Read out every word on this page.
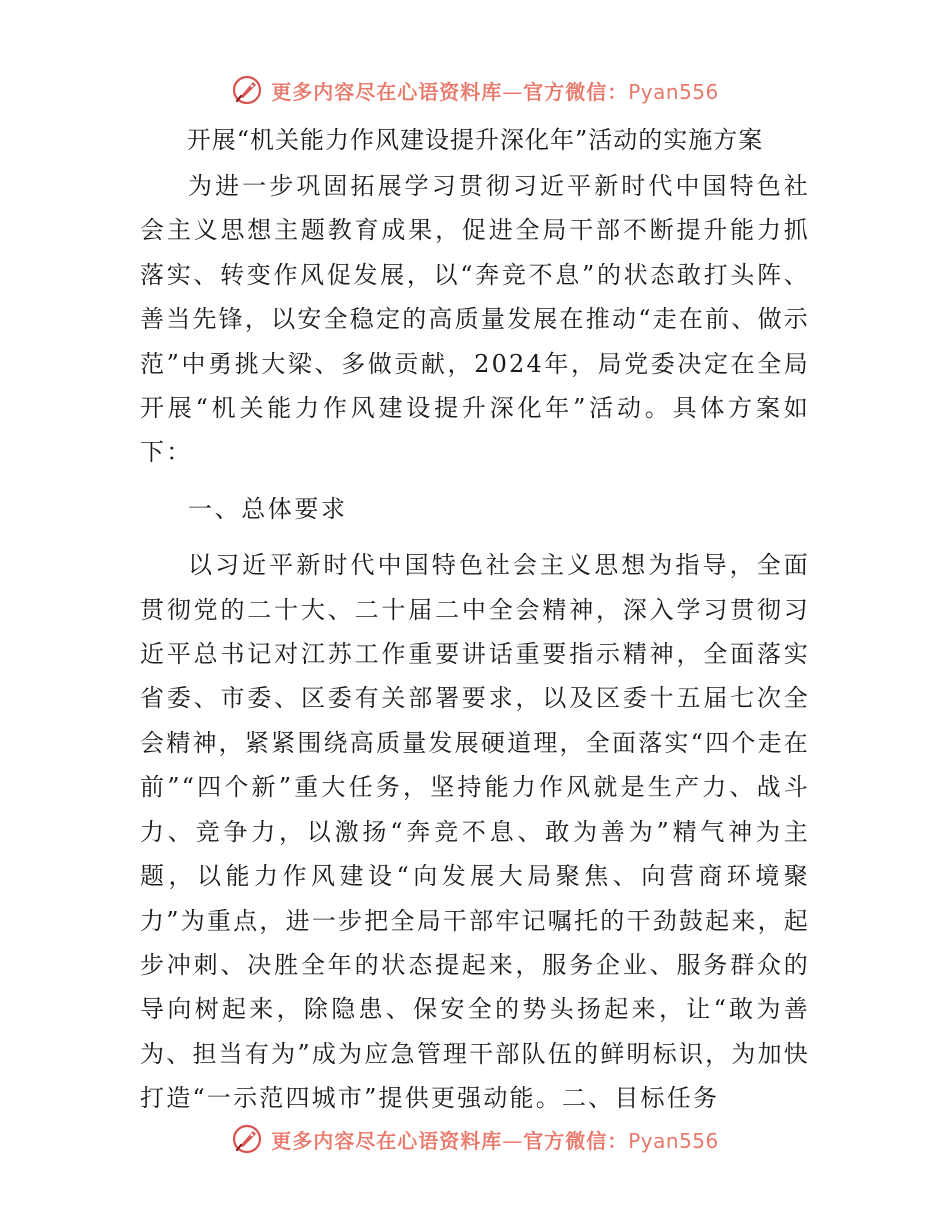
更多内容尽在心语资料库—官方微信：Pyan556
开展“机关能力作风建设提升深化年”活动的实施方案

为进一步巩固拓展学习贯彻习近平新时代中国特色社会主义思想主题教育成果，促进全局干部不断提升能力抓落实、转变作风促发展，以“奔竞不息”的状态敢打头阵、善当先锋，以安全稳定的高质量发展在推动“走在前、做示范”中勇挑大梁、多做贡献，2024年，局党委决定在全局开展“机关能力作风建设提升深化年”活动。具体方案如下：

一、总体要求

以习近平新时代中国特色社会主义思想为指导，全面贯彻党的二十大、二十届二中全会精神，深入学习贯彻习近平总书记对江苏工作重要讲话重要指示精神，全面落实省委、市委、区委有关部署要求，以及区委十五届七次全会精神，紧紧围绕高质量发展硬道理，全面落实“四个走在前”“四个新”重大任务，坚持能力作风就是生产力、战斗力、竞争力，以激扬“奔竞不息、敢为善为”精气神为主题，以能力作风建设“向发展大局聚焦、向营商环境聚力”为重点，进一步把全局干部牢记嘱托的干劲鼓起来，起步冲刺、决胜全年的状态提起来，服务企业、服务群众的导向树起来，除隐患、保安全的势头扬起来，让“敢为善为、担当有为”成为应急管理干部队伍的鲜明标识，为加快打造“一示范四城市”提供更强动能。二、目标任务

更多内容尽在心语资料库—官方微信：Pyan556
